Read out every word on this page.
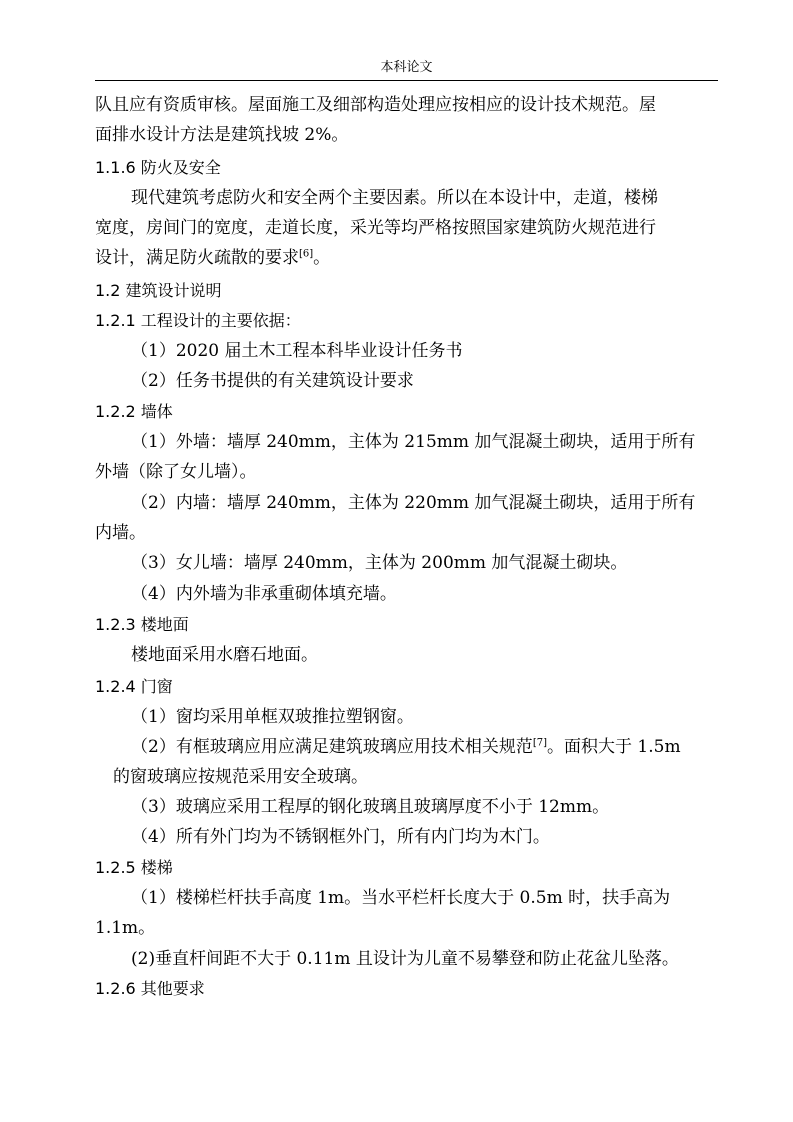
本科论文
队且应有资质审核。屋面施工及细部构造处理应按相应的设计技术规范。屋
面排水设计方法是建筑找坡 2%。
1.1.6 防火及安全
现代建筑考虑防火和安全两个主要因素。所以在本设计中，走道，楼梯
宽度，房间门的宽度，走道长度，采光等均严格按照国家建筑防火规范进行
设计，满足防火疏散的要求[6]。
1.2 建筑设计说明
1.2.1 工程设计的主要依据：
（1）2020 届土木工程本科毕业设计任务书
（2）任务书提供的有关建筑设计要求
1.2.2 墙体
（1）外墙：墙厚 240mm，主体为 215mm 加气混凝土砌块，适用于所有
外墙（除了女儿墙）。
（2）内墙：墙厚 240mm，主体为 220mm 加气混凝土砌块，适用于所有
内墙。
（3）女儿墙：墙厚 240mm，主体为 200mm 加气混凝土砌块。
（4）内外墙为非承重砌体填充墙。
1.2.3 楼地面
楼地面采用水磨石地面。
1.2.4 门窗
（1）窗均采用单框双玻推拉塑钢窗。
（2）有框玻璃应用应满足建筑玻璃应用技术相关规范[7]。面积大于 1.5m
的窗玻璃应按规范采用安全玻璃。
（3）玻璃应采用工程厚的钢化玻璃且玻璃厚度不小于 12mm。
（4）所有外门均为不锈钢框外门，所有内门均为木门。
1.2.5 楼梯
（1）楼梯栏杆扶手高度 1m。当水平栏杆长度大于 0.5m 时，扶手高为
1.1m。
(2)垂直杆间距不大于 0.11m 且设计为儿童不易攀登和防止花盆儿坠落。
1.2.6 其他要求
